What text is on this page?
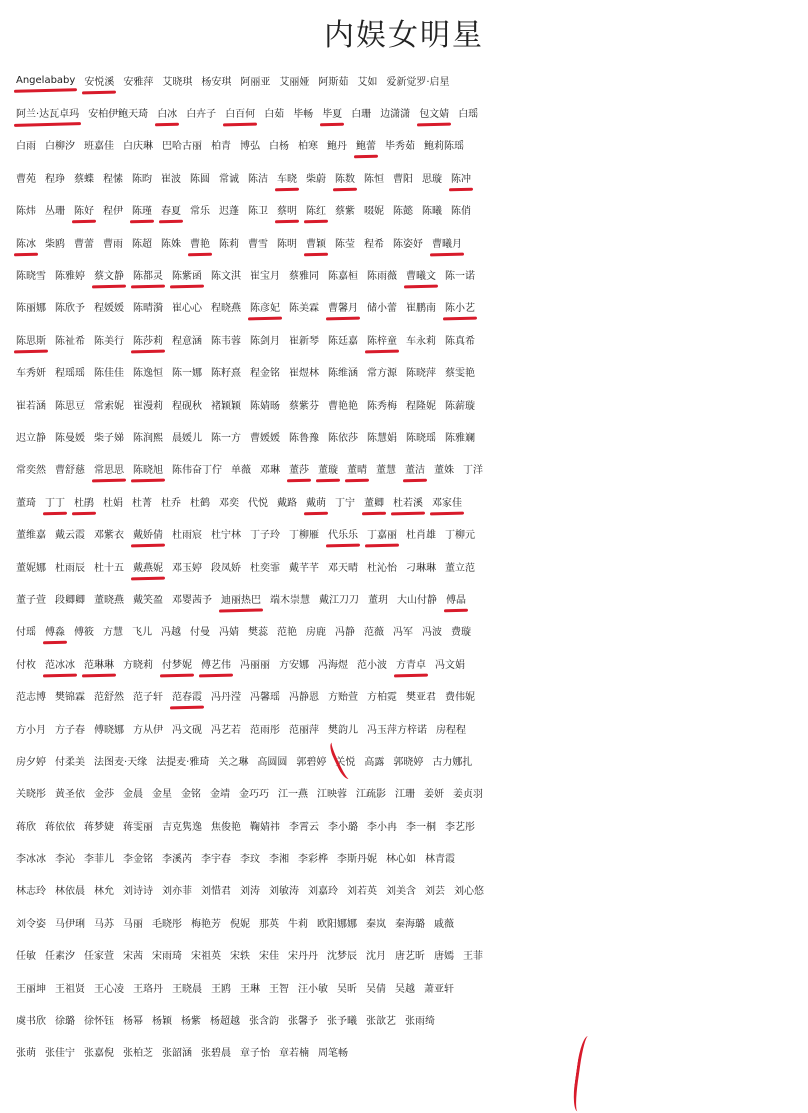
内娱女明星
Angelababy 安悦溪 安雅萍 艾晓琪 杨安琪 阿丽亚 艾丽娅 阿斯茹 艾如 爱新觉罗·启星
阿兰·达瓦卓玛 安柏伊鲍天琦 白冰 白卉子 白百何 白茹 毕畅 毕夏 白珊 边潇潇 包文婧 白瑶
白雨 白柳汐 班嘉佳 白庆琳 巴哈古丽 柏青 博弘 白杨 柏寒 鲍丹 鲍蕾 毕秀茹 鲍莉陈瑶
曹苑 程琤 蔡蝶 程愫 陈昀 崔波 陈圆 常诚 陈洁 车晓 柴蔚 陈数 陈恒 曹阳 思璇 陈冲
陈炜 丛珊 陈好 程伊 陈瑾 春夏 常乐 迟蓬 陈卫 蔡明 陈红 蔡紫 啜妮 陈懿 陈曦 陈俏
陈冰 柴鸥 曹蕾 曹雨 陈超 陈姝 曹艳 陈莉 曹雪 陈明 曹颖 陈莹 程希 陈姿妤 曹曦月
陈晓雪 陈雅婷 蔡文静 陈都灵 陈紫函 陈文淇 崔宝月 蔡雅同 陈嘉桓 陈雨薇 曹曦文 陈一诺
陈丽娜 陈欣予 程媛媛 陈晴漪 崔心心 程晓燕 陈彦妃 陈美霖 曹馨月 储小蕾 崔鹏南 陈小艺
陈思斯 陈祉希 陈美行 陈莎莉 程意涵 陈韦蓉 陈剑月 崔新琴 陈廷嘉 陈梓童 车永莉 陈真希
车秀妍 程瑶瑶 陈佳佳 陈逸恒 陈一娜 陈籽熹 程金铭 崔煜林 陈维涵 常方源 陈晓萍 蔡雯艳
崔若涵 陈思豆 常索妮 崔漫莉 程砚秋 褚颖颖 陈婧旸 蔡紫芬 曹艳艳 陈秀梅 程隆妮 陈薪璇
迟立静 陈曼媛 柴子娣 陈润熙 晨媛儿 陈一方 曹媛媛 陈鲁豫 陈依莎 陈慧娟 陈晓瑶 陈雅斓
常奕然 曹舒慈 常思思 陈晓旭 陈伟奋丁佇 单薇 邓琳 董莎 董璇 董晴 董慧 董洁 董姝 丁洋
董琦 丁丁 杜鹃 杜娟 杜菁 杜乔 杜鹤 邓奕 代悦 戴路 戴萌 丁宁 董卿 杜若溪 邓家佳
董维嘉 戴云霞 邓紫衣 戴娇倩 杜雨宸 杜宁林 丁子玲 丁柳雁 代乐乐 丁嘉丽 杜肖雄 丁柳元
董妮娜 杜雨辰 杜十五 戴燕妮 邓玉婷 段凤娇 杜奕霏 戴芊芊 邓天晴 杜沁怡 刁琳琳 董立范
董子萱 段卿卿 董晓燕 戴笑盈 邓婴茜予 迪丽热巴 端木崇慧 戴江刀刀 董玥 大山付静 傅晶
付瑶 傅淼 傅筱 方慧 飞儿 冯越 付曼 冯婧 樊蕊 范艳 房鹿 冯静 范薇 冯军 冯波 费璇
付枚 范冰冰 范琳琳 方晓莉 付梦妮 傅艺伟 冯丽丽 方安娜 冯海煜 范小波 方青卓 冯文娟
范志博 樊锦霖 范舒然 范子轩 范春霞 冯丹滢 冯馨瑶 冯静恩 方贻萱 方柏霓 樊亚君 费伟妮
方小月 方子春 傅晓娜 方从伊 冯文砚 冯艺若 范雨彤 范丽萍 樊韵儿 冯玉萍方梓诺 房程程
房夕婷 付柔美 法图麦·天缘 法提麦·雅琦 关之琳 高圆圆 郭碧婷 关悦 高露 郭晓婷 古力娜扎
关晓彤 黄圣依 金莎 金晨 金星 金铭 金靖 金巧巧 江一燕 江映蓉 江疏影 江珊 姜妍 姜贞羽
蒋欣 蒋依依 蒋梦婕 蒋雯丽 吉克隽逸 焦俊艳 鞠婧祎 李霄云 李小璐 李小冉 李一桐 李艺彤
李冰冰 李沁 李菲儿 李金铭 李溪芮 李宇春 李玟 李湘 李彩桦 李斯丹妮 林心如 林青霞
林志玲 林依晨 林允 刘诗诗 刘亦菲 刘惜君 刘涛 刘敏涛 刘嘉玲 刘若英 刘美含 刘芸 刘心悠
刘令姿 马伊琍 马苏 马丽 毛晓彤 梅艳芳 倪妮 那英 牛莉 欧阳娜娜 秦岚 秦海璐 戚薇
任敏 任素汐 任家萱 宋茜 宋雨琦 宋祖英 宋轶 宋佳 宋丹丹 沈梦辰 沈月 唐艺昕 唐嫣 王菲
王丽坤 王祖贤 王心凌 王珞丹 王晓晨 王鸥 王琳 王智 汪小敏 吴昕 吴倩 吴越 萧亚轩
虞书欣 徐璐 徐怀钰 杨幂 杨颖 杨紫 杨超越 张含韵 张馨予 张予曦 张歆艺 张雨绮
张萌 张佳宁 张嘉倪 张柏芝 张韶涵 张碧晨 章子怡 章若楠 周笔畅
